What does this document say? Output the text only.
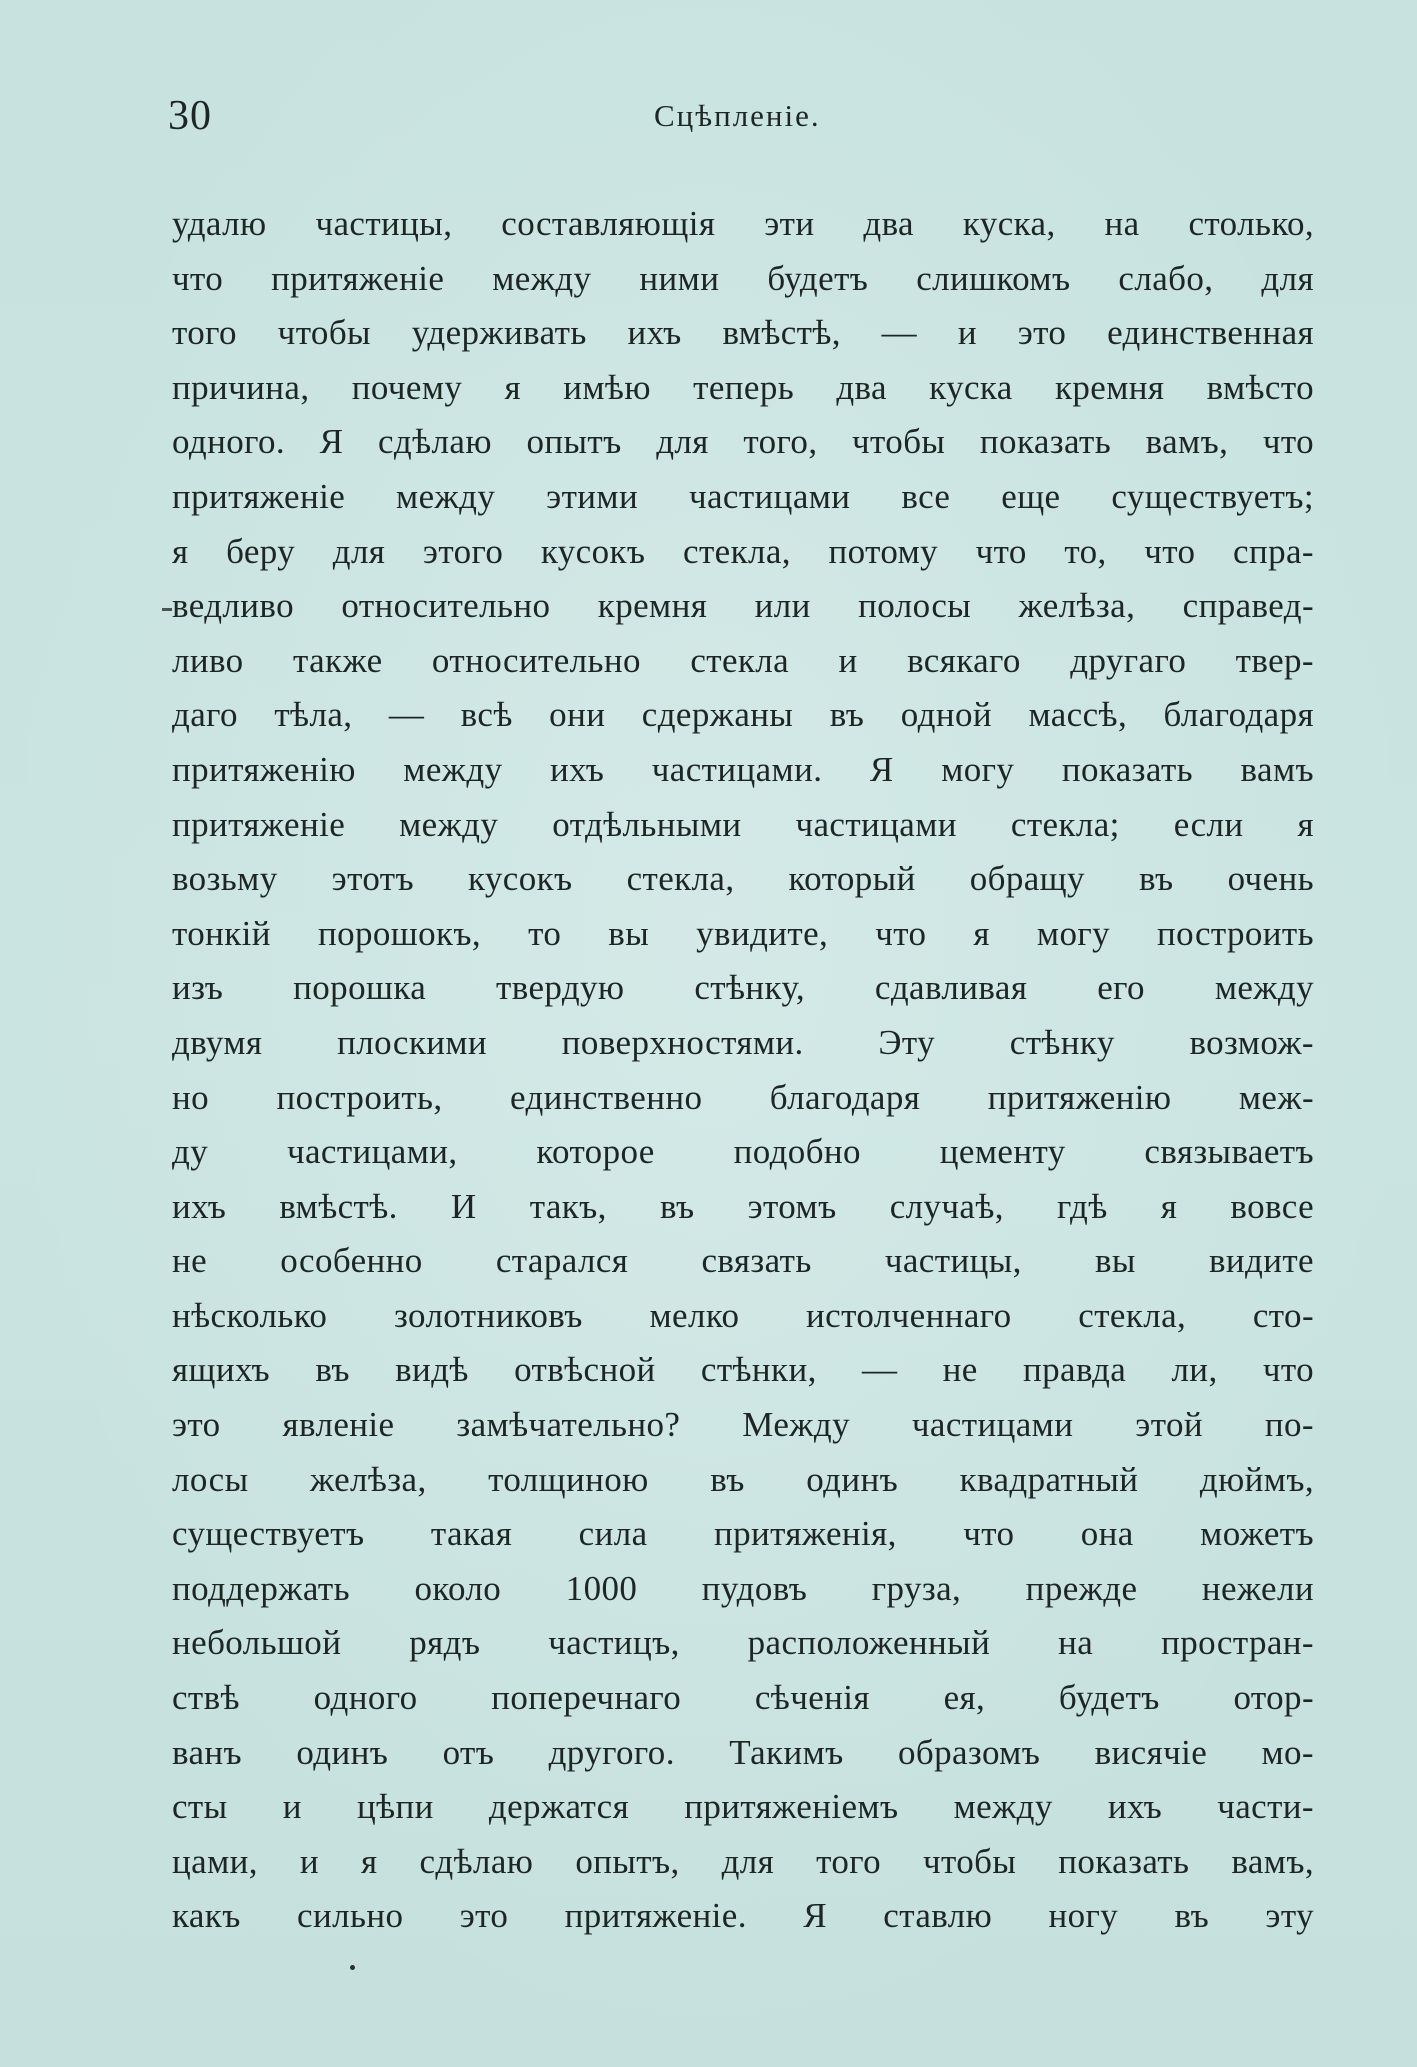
30	Сцѣпленіе.
удалю частицы, составляющія эти два куска, на столько,
что притяженіе между ними будетъ слишкомъ слабо, для
того чтобы удерживать ихъ вмѣстѣ, — и это единственная
причина, почему я имѣю теперь два куска кремня вмѣсто
одного. Я сдѣлаю опытъ для того, чтобы показать вамъ, что
притяженіе между этими частицами все еще существуетъ;
я беру для этого кусокъ стекла, потому что то, что спра-
ведливо относительно кремня или полосы желѣза, справед-
ливо также относительно стекла и всякаго другаго твер-
даго тѣла, — всѣ они сдержаны въ одной массѣ, благодаря
притяженію между ихъ частицами. Я могу показать вамъ
притяженіе между отдѣльными частицами стекла; если я
возьму этотъ кусокъ стекла, который обращу въ очень
тонкій порошокъ, то вы увидите, что я могу построить
изъ порошка твердую стѣнку, сдавливая его между
двумя плоскими поверхностями. Эту стѣнку возмож-
но построить, единственно благодаря притяженію меж-
ду частицами, которое подобно цементу связываетъ
ихъ вмѣстѣ. И такъ, въ этомъ случаѣ, гдѣ я вовсе
не особенно старался связать частицы, вы видите
нѣсколько золотниковъ мелко истолченнаго стекла, сто-
ящихъ въ видѣ отвѣсной стѣнки, — не правда ли, что
это явленіе замѣчательно? Между частицами этой по-
лосы желѣза, толщиною въ одинъ квадратный дюймъ,
существуетъ такая сила притяженія, что она можетъ
поддержать около 1000 пудовъ груза, прежде нежели
небольшой рядъ частицъ, расположенный на простран-
ствѣ одного поперечнаго сѣченія ея, будетъ отор-
ванъ одинъ отъ другого. Такимъ образомъ висячіе мо-
сты и цѣпи держатся притяженіемъ между ихъ части-
цами, и я сдѣлаю опытъ, для того чтобы показать вамъ,
какъ сильно это притяженіе. Я ставлю ногу въ эту
